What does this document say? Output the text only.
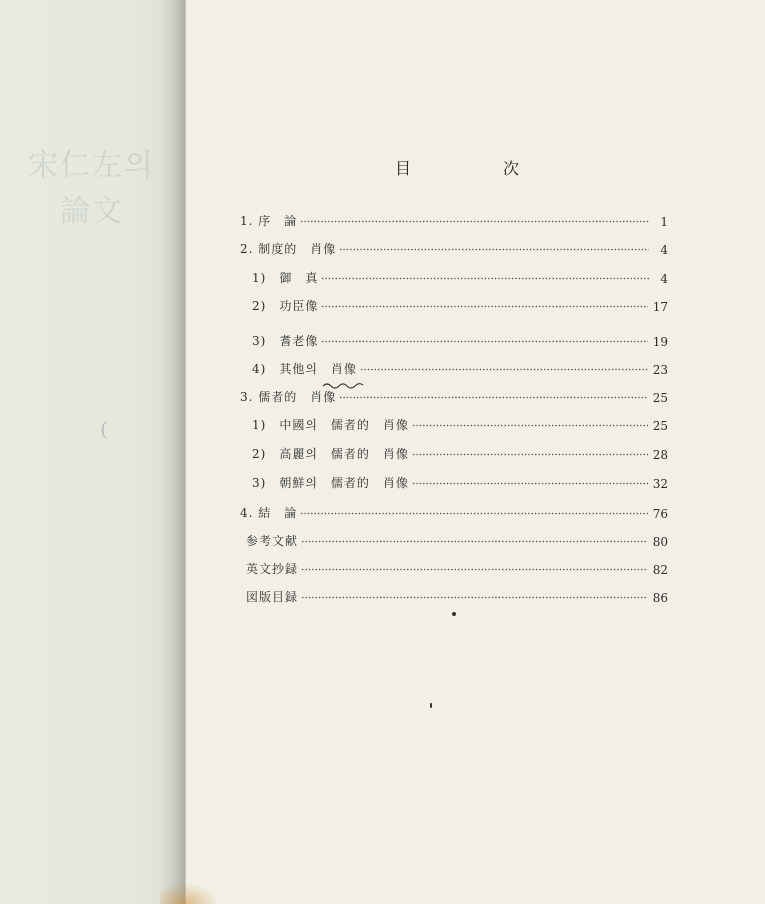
宋仁左의
論文
(
目	次
1. 序　論	1
2. 制度的　肖像	4
1)　御　真	4
2)　功臣像	17
3)　耆老像	19
4)　其他의　肖像	23
3. 儒者的　肖像	25
1)　中國의　儒者的　肖像	25
2)　高麗의　儒者的　肖像	28
3)　朝鮮의　儒者的　肖像	32
4. 結　論	76
参考文献	80
英文抄録	82
図版目録	86
